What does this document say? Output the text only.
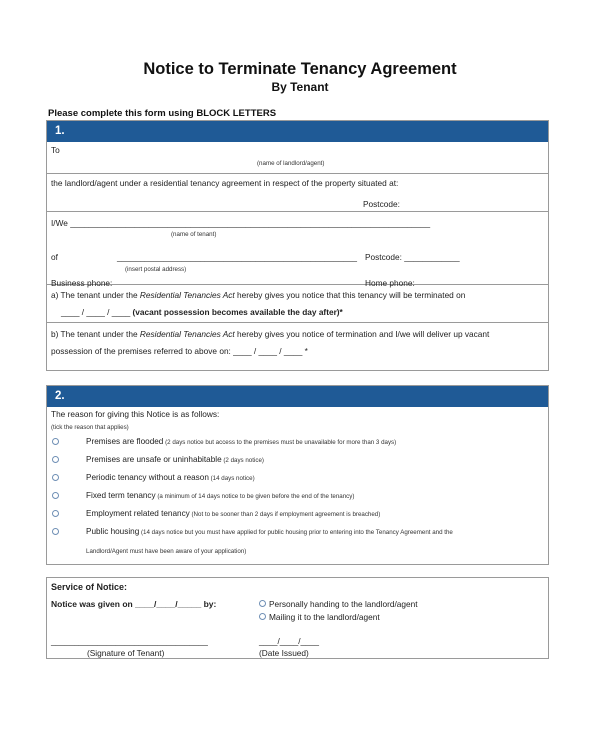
Notice to Terminate Tenancy Agreement
By Tenant
Please complete this form using BLOCK LETTERS
1.
To
(name of landlord/agent)
the landlord/agent under a residential tenancy agreement in respect of the property situated at:
Postcode:
I/We ______________________________________________________________________________
(name of tenant)
of	____________________________________________________ Postcode: ____________
(insert postal address)
Business phone:	Home phone:
a) The tenant under the Residential Tenancies Act hereby gives you notice that this tenancy will be terminated on
____ / ____ / ____ (vacant possession becomes available the day after)*
b) The tenant under the Residential Tenancies Act hereby gives you notice of termination and I/we will deliver up vacant
possession of the premises referred to above on: ____ / ____ / ____ *
2.
The reason for giving this Notice is as follows:
(tick the reason that applies)
Premises are flooded (2 days notice but access to the premises must be unavailable for more than 3 days)
Premises are unsafe or uninhabitable (2 days notice)
Periodic tenancy without a reason (14 days notice)
Fixed term tenancy (a minimum of 14 days notice to be given before the end of the tenancy)
Employment related tenancy (Not to be sooner than 2 days if employment agreement is breached)
Public housing (14 days notice but you must have applied for public housing prior to entering into the Tenancy Agreement and the
Landlord/Agent must have been aware of your application)
Service of Notice:
Notice was given on ____/____/_____ by:	Personally handing to the landlord/agent
Mailing it to the landlord/agent
__________________________________	____/____/____
(Signature of Tenant)	(Date Issued)
